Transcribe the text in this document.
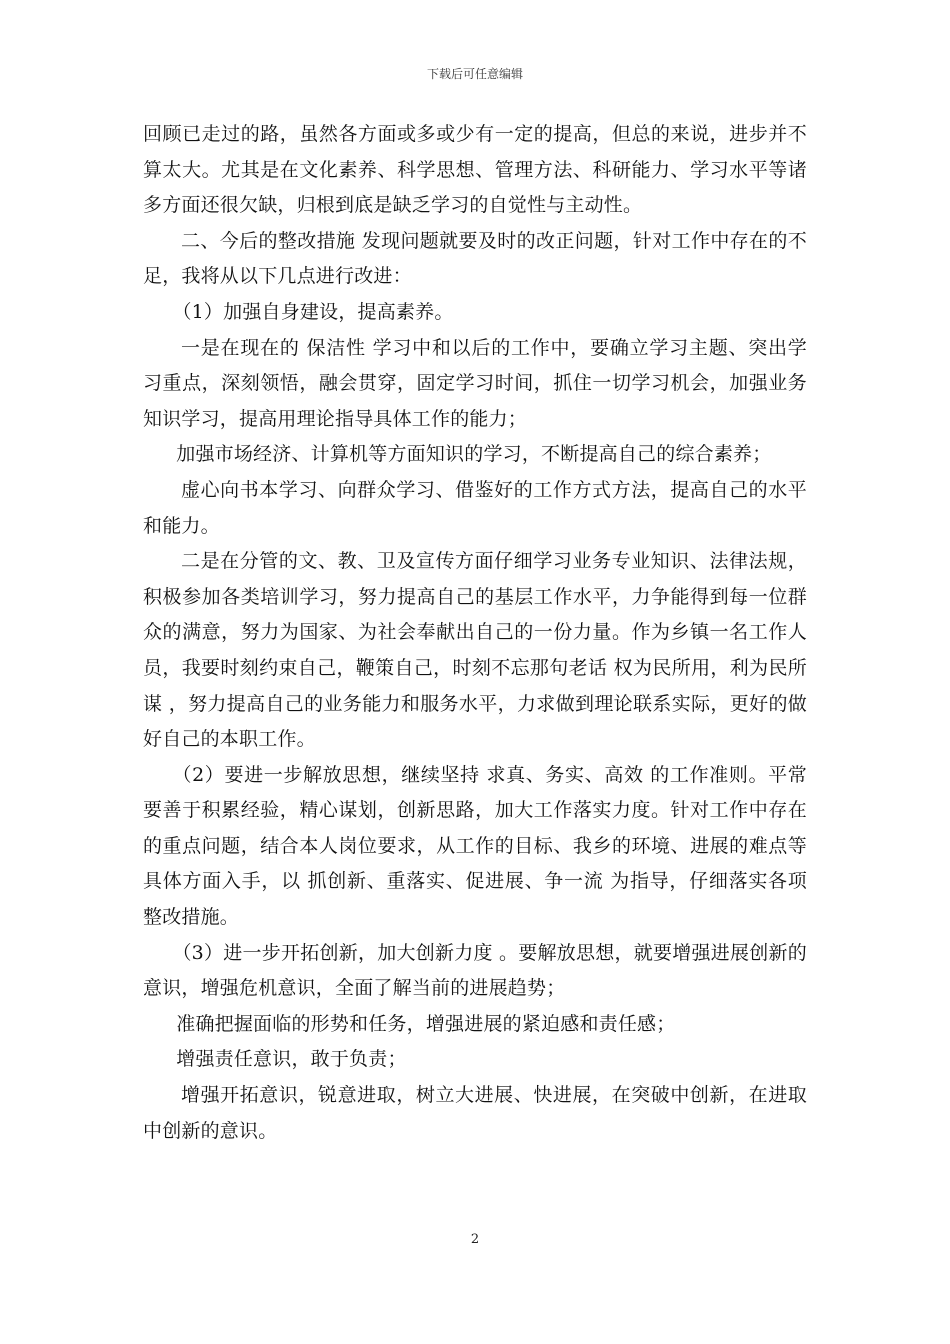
下载后可任意编辑

回顾已走过的路，虽然各方面或多或少有一定的提高，但总的来说，进步并不算太大。尤其是在文化素养、科学思想、管理方法、科研能力、学习水平等诸多方面还很欠缺，归根到底是缺乏学习的自觉性与主动性。

二、今后的整改措施 发现问题就要及时的改正问题，针对工作中存在的不足，我将从以下几点进行改进：

（1）加强自身建设，提高素养。

一是在现在的 保洁性 学习中和以后的工作中，要确立学习主题、突出学习重点，深刻领悟，融会贯穿，固定学习时间，抓住一切学习机会，加强业务知识学习，提高用理论指导具体工作的能力；

加强市场经济、计算机等方面知识的学习，不断提高自己的综合素养；

虚心向书本学习、向群众学习、借鉴好的工作方式方法，提高自己的水平和能力。

二是在分管的文、教、卫及宣传方面仔细学习业务专业知识、法律法规，积极参加各类培训学习，努力提高自己的基层工作水平，力争能得到每一位群众的满意，努力为国家、为社会奉献出自己的一份力量。作为乡镇一名工作人员，我要时刻约束自己，鞭策自己，时刻不忘那句老话 权为民所用，利为民所谋 ，努力提高自己的业务能力和服务水平，力求做到理论联系实际，更好的做好自己的本职工作。

（2）要进一步解放思想，继续坚持 求真、务实、高效 的工作准则。平常要善于积累经验，精心谋划，创新思路，加大工作落实力度。针对工作中存在的重点问题，结合本人岗位要求，从工作的目标、我乡的环境、进展的难点等具体方面入手，以 抓创新、重落实、促进展、争一流 为指导，仔细落实各项整改措施。

（3）进一步开拓创新，加大创新力度 。要解放思想，就要增强进展创新的意识，增强危机意识，全面了解当前的进展趋势；

准确把握面临的形势和任务，增强进展的紧迫感和责任感；

增强责任意识，敢于负责；

增强开拓意识，锐意进取，树立大进展、快进展，在突破中创新，在进取中创新的意识。

2
